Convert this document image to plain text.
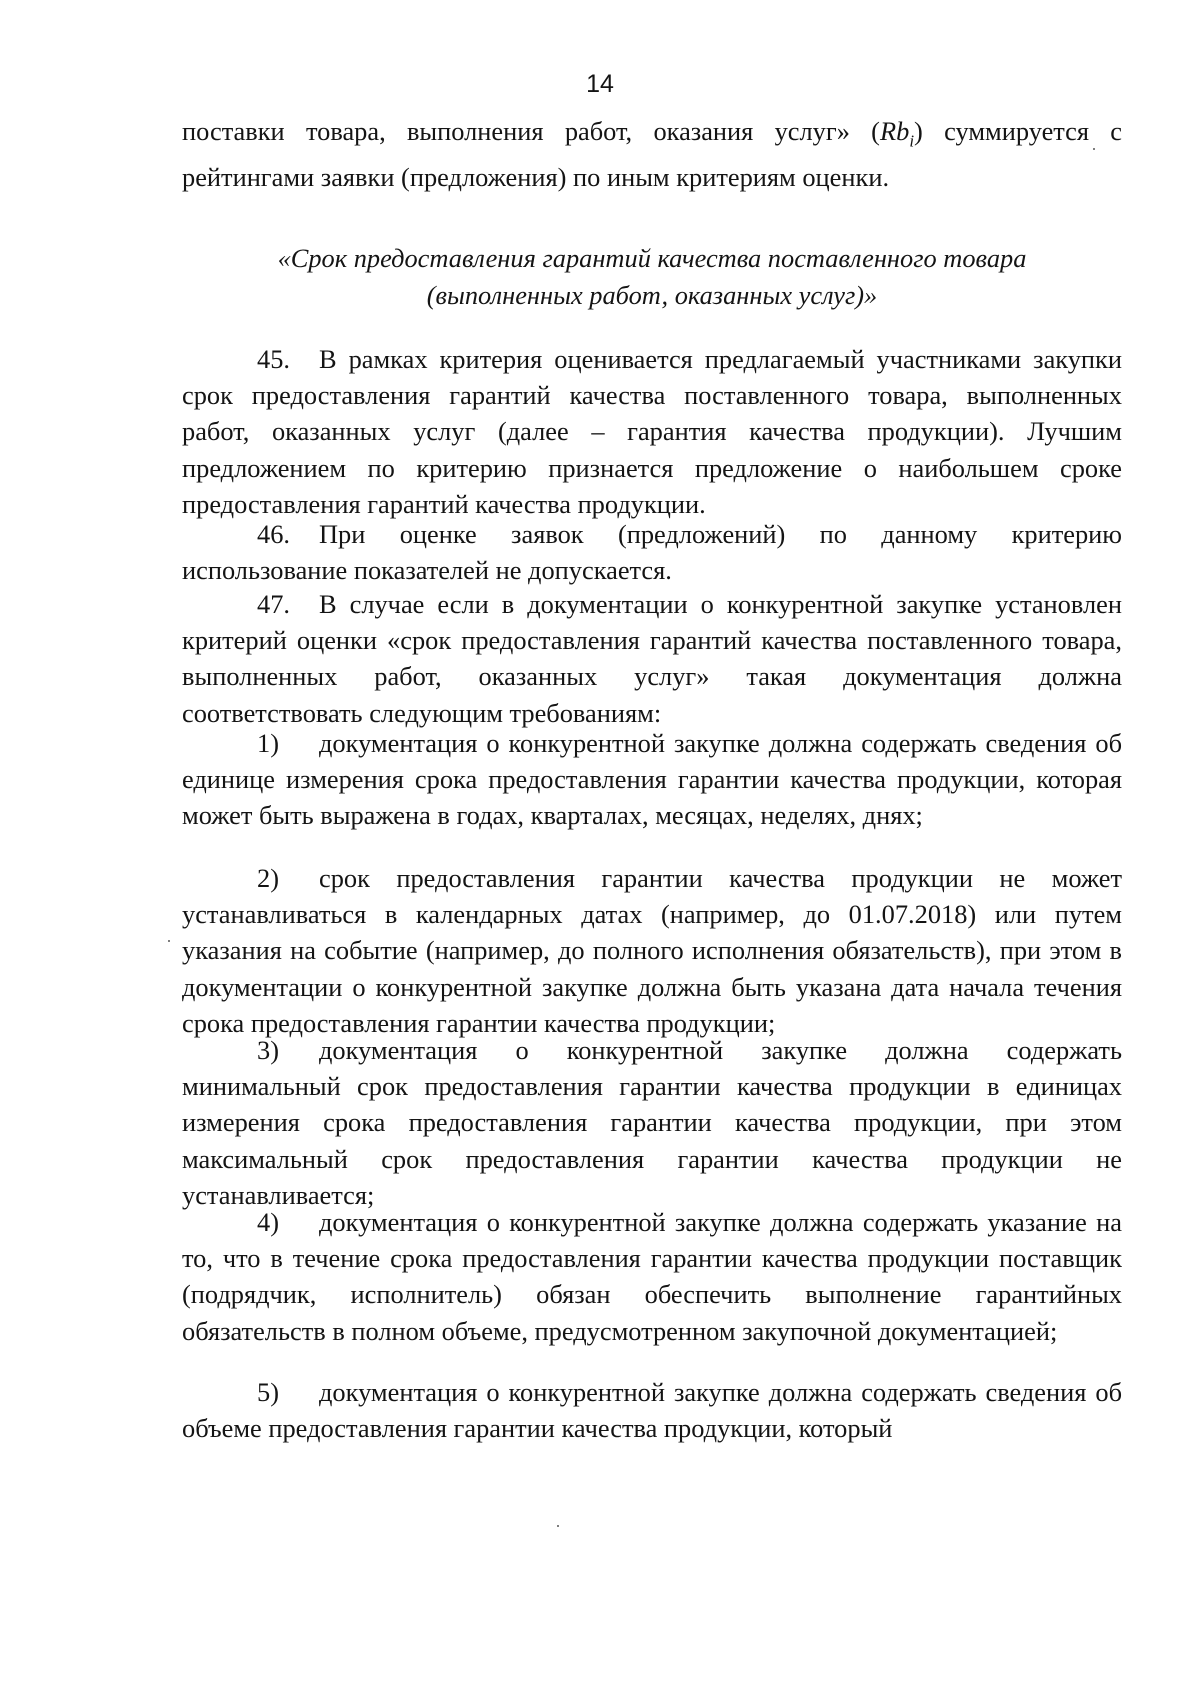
14
поставки товара, выполнения работ, оказания услуг» $(Rb_i)$ суммируется с
рейтингами заявки (предложения) по иным критериям оценки.
«Срок предоставления гарантий качества поставленного товара
(выполненных работ, оказанных услуг)»
45. В рамках критерия оценивается предлагаемый участниками закупки срок предоставления гарантий качества поставленного товара, выполненных работ, оказанных услуг (далее – гарантия качества продукции). Лучшим предложением по критерию признается предложение о наибольшем сроке предоставления гарантий качества продукции.
46. При оценке заявок (предложений) по данному критерию использование показателей не допускается.
47. В случае если в документации о конкурентной закупке установлен критерий оценки «срок предоставления гарантий качества поставленного товара, выполненных работ, оказанных услуг» такая документация должна соответствовать следующим требованиям:
1) документация о конкурентной закупке должна содержать сведения об единице измерения срока предоставления гарантии качества продукции, которая может быть выражена в годах, кварталах, месяцах, неделях, днях;
2) срок предоставления гарантии качества продукции не может устанавливаться в календарных датах (например, до 01.07.2018) или путем указания на событие (например, до полного исполнения обязательств), при этом в документации о конкурентной закупке должна быть указана дата начала течения срока предоставления гарантии качества продукции;
3) документация о конкурентной закупке должна содержать минимальный срок предоставления гарантии качества продукции в единицах измерения срока предоставления гарантии качества продукции, при этом максимальный срок предоставления гарантии качества продукции не устанавливается;
4) документация о конкурентной закупке должна содержать указание на то, что в течение срока предоставления гарантии качества продукции поставщик (подрядчик, исполнитель) обязан обеспечить выполнение гарантийных обязательств в полном объеме, предусмотренном закупочной документацией;
5) документация о конкурентной закупке должна содержать сведения об объеме предоставления гарантии качества продукции, который
